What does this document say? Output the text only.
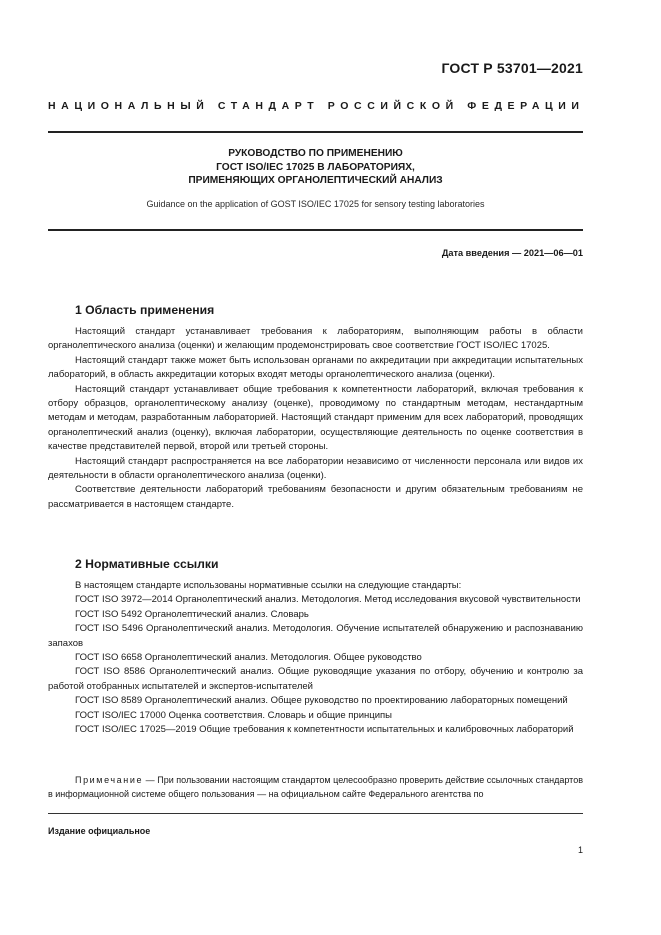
ГОСТ Р 53701—2021
НАЦИОНАЛЬНЫЙ СТАНДАРТ РОССИЙСКОЙ ФЕДЕРАЦИИ
РУКОВОДСТВО ПО ПРИМЕНЕНИЮ
ГОСТ ISO/IEC 17025 В ЛАБОРАТОРИЯХ,
ПРИМЕНЯЮЩИХ ОРГАНОЛЕПТИЧЕСКИЙ АНАЛИЗ
Guidance on the application of GOST ISO/IEC 17025 for sensory testing laboratories
Дата введения — 2021—06—01
1 Область применения
Настоящий стандарт устанавливает требования к лабораториям, выполняющим работы в области органолептического анализа (оценки) и желающим продемонстрировать свое соответствие ГОСТ ISO/IEC 17025.
Настоящий стандарт также может быть использован органами по аккредитации при аккредитации испытательных лабораторий, в область аккредитации которых входят методы органолептического анализа (оценки).
Настоящий стандарт устанавливает общие требования к компетентности лабораторий, включая требования к отбору образцов, органолептическому анализу (оценке), проводимому по стандартным методам, нестандартным методам и методам, разработанным лабораторией. Настоящий стандарт применим для всех лабораторий, проводящих органолептический анализ (оценку), включая лаборатории, осуществляющие деятельность по оценке соответствия в качестве представителей первой, второй или третьей стороны.
Настоящий стандарт распространяется на все лаборатории независимо от численности персонала или видов их деятельности в области органолептического анализа (оценки).
Соответствие деятельности лабораторий требованиям безопасности и другим обязательным требованиям не рассматривается в настоящем стандарте.
2 Нормативные ссылки
В настоящем стандарте использованы нормативные ссылки на следующие стандарты:
ГОСТ ISO 3972—2014 Органолептический анализ. Методология. Метод исследования вкусовой чувствительности
ГОСТ ISO 5492 Органолептический анализ. Словарь
ГОСТ ISO 5496 Органолептический анализ. Методология. Обучение испытателей обнаружению и распознаванию запахов
ГОСТ ISO 6658 Органолептический анализ. Методология. Общее руководство
ГОСТ ISO 8586 Органолептический анализ. Общие руководящие указания по отбору, обучению и контролю за работой отобранных испытателей и экспертов-испытателей
ГОСТ ISO 8589 Органолептический анализ. Общее руководство по проектированию лабораторных помещений
ГОСТ ISO/IEC 17000 Оценка соответствия. Словарь и общие принципы
ГОСТ ISO/IEC 17025—2019 Общие требования к компетентности испытательных и калибровочных лабораторий
Примечание — При пользовании настоящим стандартом целесообразно проверить действие ссылочных стандартов в информационной системе общего пользования — на официальном сайте Федерального агентства по
Издание официальное
1
